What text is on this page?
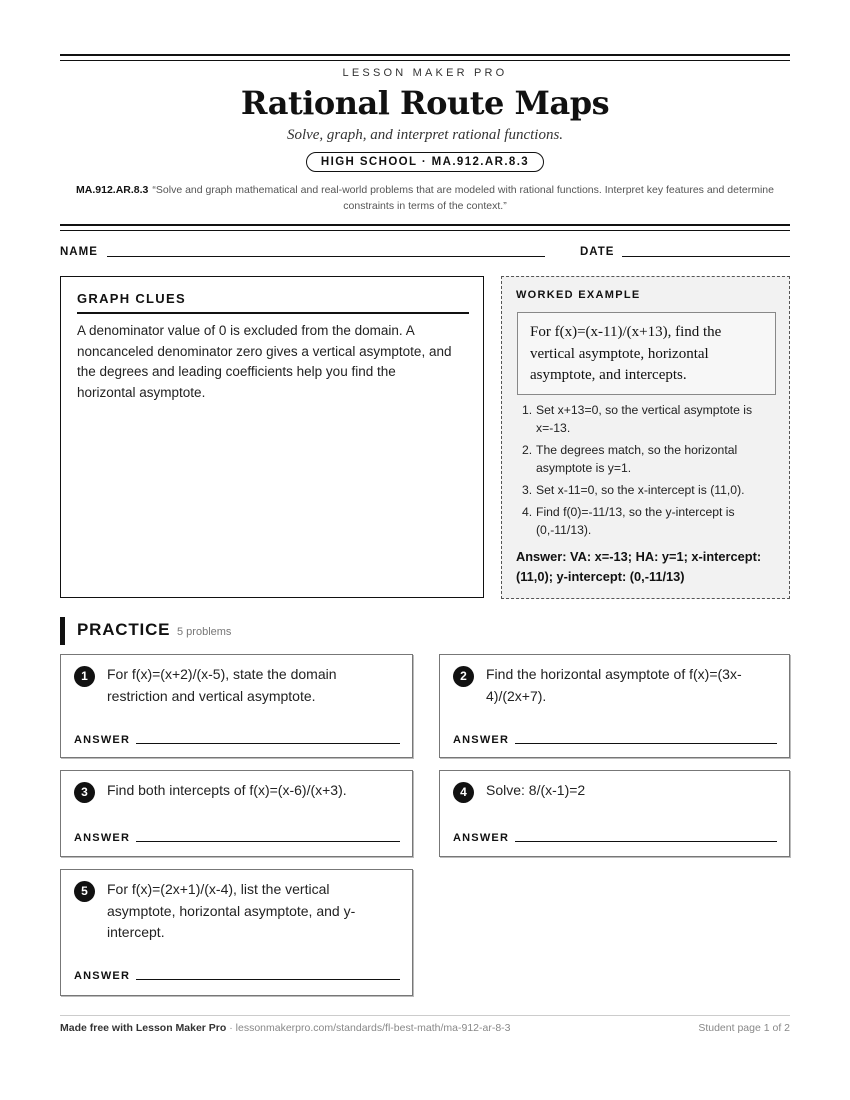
LESSON MAKER PRO
Rational Route Maps
Solve, graph, and interpret rational functions.
HIGH SCHOOL · MA.912.AR.8.3
MA.912.AR.8.3 “Solve and graph mathematical and real-world problems that are modeled with rational functions. Interpret key features and determine constraints in terms of the context.”
NAME	DATE
GRAPH CLUES
A denominator value of 0 is excluded from the domain. A noncanceled denominator zero gives a vertical asymptote, and the degrees and leading coefficients help you find the horizontal asymptote.
WORKED EXAMPLE
For f(x)=(x-11)/(x+13), find the vertical asymptote, horizontal asymptote, and intercepts.
1. Set x+13=0, so the vertical asymptote is x=-13.
2. The degrees match, so the horizontal asymptote is y=1.
3. Set x-11=0, so the x-intercept is (11,0).
4. Find f(0)=-11/13, so the y-intercept is (0,-11/13).
Answer: VA: x=-13; HA: y=1; x-intercept: (11,0); y-intercept: (0,-11/13)
PRACTICE 5 problems
1	For f(x)=(x+2)/(x-5), state the domain restriction and vertical asymptote.
ANSWER
2	Find the horizontal asymptote of f(x)=(3x-4)/(2x+7).
ANSWER
3	Find both intercepts of f(x)=(x-6)/(x+3).
ANSWER
4	Solve: 8/(x-1)=2
ANSWER
5	For f(x)=(2x+1)/(x-4), list the vertical asymptote, horizontal asymptote, and y-intercept.
ANSWER
Made free with Lesson Maker Pro · lessonmakerpro.com/standards/fl-best-math/ma-912-ar-8-3	Student page 1 of 2
